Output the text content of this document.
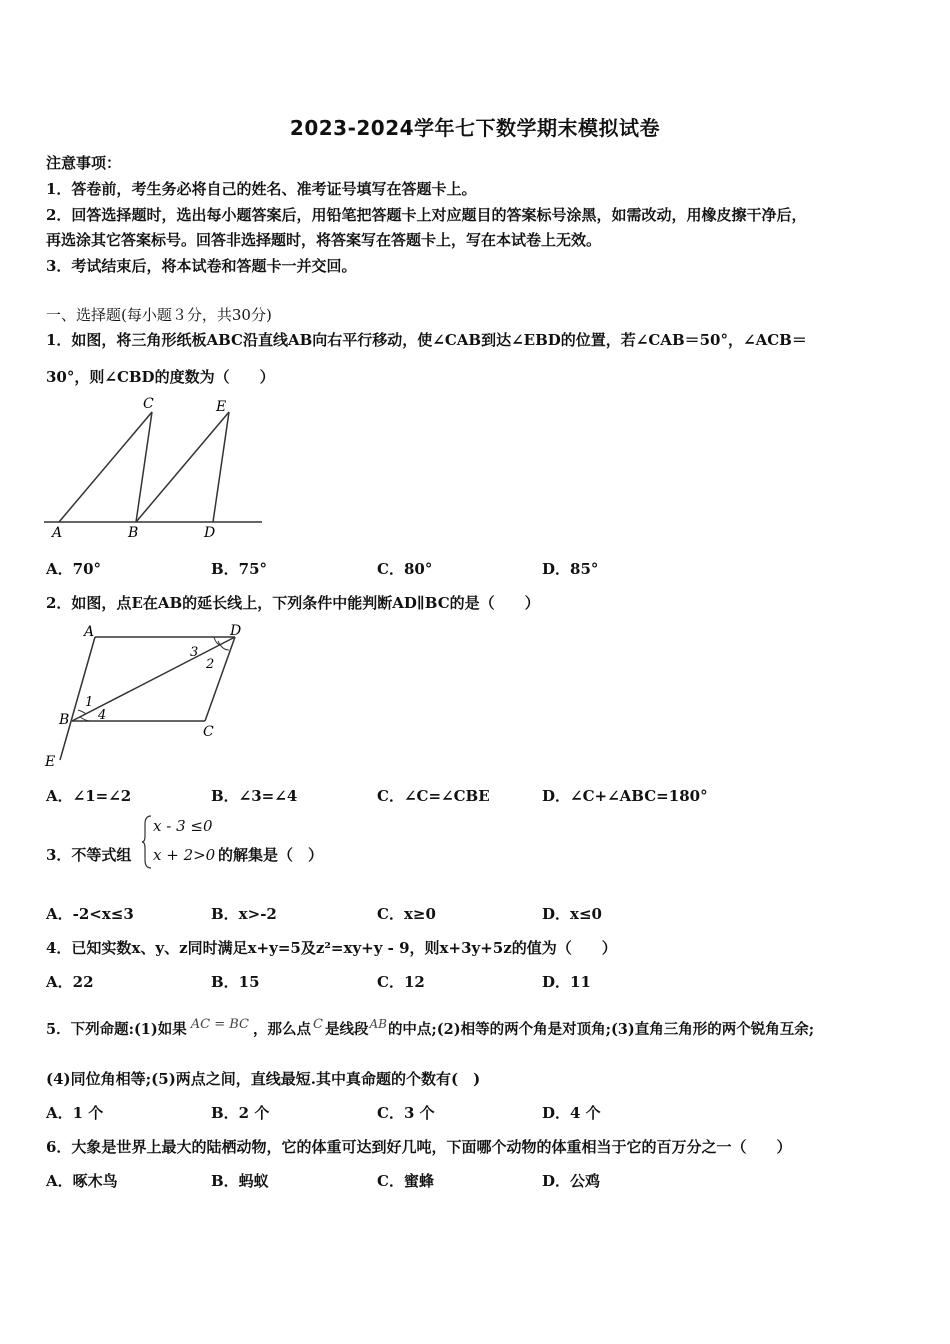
2023-2024学年七下数学期末模拟试卷
注意事项：
1．答卷前，考生务必将自己的姓名、准考证号填写在答题卡上。
2．回答选择题时，选出每小题答案后，用铅笔把答题卡上对应题目的答案标号涂黑，如需改动，用橡皮擦干净后，
再选涂其它答案标号。回答非选择题时，将答案写在答题卡上，写在本试卷上无效。
3．考试结束后，将本试卷和答题卡一并交回。
一、选择题(每小题３分，共30分)
1．如图，将三角形纸板ABC沿直线AB向右平行移动，使∠CAB到达∠EBD的位置，若∠CAB＝50°，∠ACB＝
30°，则∠CBD的度数为（　　）
C	E
A	B	D
A．70°	B．75°	C．80°	D．85°
2．如图，点E在AB的延长线上，下列条件中能判断AD∥BC的是（　　）
A	D
3
2
1
B 4
C
E
A．∠1=∠2	B．∠3=∠4	C．∠C=∠CBE	D．∠C+∠ABC=180°
3．不等式组
x - 3 ≤0
x + 2>0 的解集是（　）
A．-2<x≤3	B．x>-2	C．x≥0	D．x≤0
4．已知实数x、y、z同时满足x+y=5及z²=xy+y - 9，则x+3y+5z的值为（　　）
A．22	B．15	C．12	D．11
5．下列命题:(1)如果 AC = BC ，那么点 C 是线段$^{AB}$的中点;(2)相等的两个角是对顶角;(3)直角三角形的两个锐角互余;
(4)同位角相等;(5)两点之间，直线最短.其中真命题的个数有(　)
A．1 个	B．2 个	C．3 个	D．4 个
6．大象是世界上最大的陆栖动物，它的体重可达到好几吨，下面哪个动物的体重相当于它的百万分之一（　　）
A．啄木鸟	B．蚂蚁	C．蜜蜂	D．公鸡
